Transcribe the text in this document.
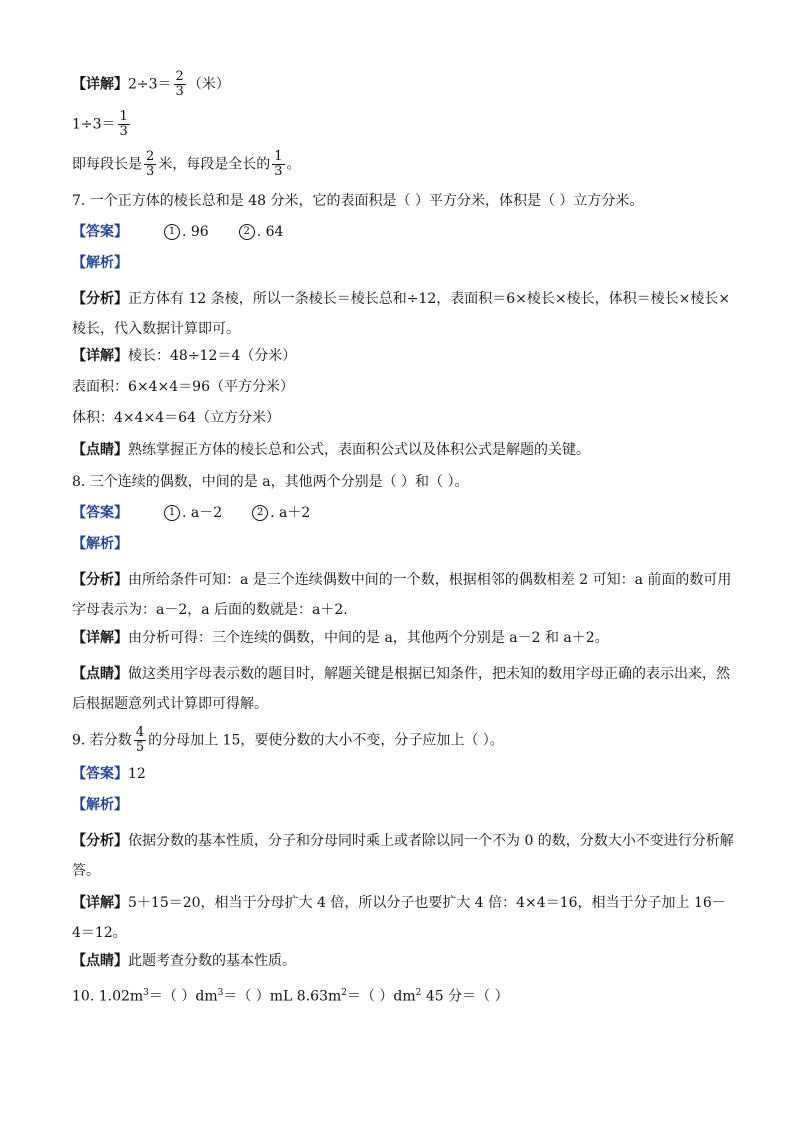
【详解】$2\div 3= \frac{2}{3}$ （米）
$1\div 3= \frac{1}{3}$
即每段长是 $\frac{2}{3}$ 米，每段是全长的 $\frac{1}{3}$ 。
7. 一个正方体的棱长总和是 48 分米，它的表面积是（ ）平方分米，体积是（ ）立方分米。
【答案】	1 . 96	2 . 64
【解析】
【分析】正方体有 12 条棱，所以一条棱长＝棱长总和÷12，表面积＝6×棱长×棱长，体积＝棱长×棱长×棱长，代入数据计算即可。
【详解】棱长：48÷12＝4（分米）
表面积：6×4×4＝96（平方分米）
体积：4×4×4＝64（立方分米）
【点睛】熟练掌握正方体的棱长总和公式，表面积公式以及体积公式是解题的关键。
8. 三个连续的偶数，中间的是 a，其他两个分别是（ ）和（ ）。
【答案】	1 . a－2	2 . a＋2
【解析】
【分析】由所给条件可知：a 是三个连续偶数中间的一个数，根据相邻的偶数相差 2 可知：a 前面的数可用字母表示为：a－2，a 后面的数就是：a＋2.
【详解】由分析可得：三个连续的偶数，中间的是 a，其他两个分别是 a－2 和 a＋2。
【点睛】做这类用字母表示数的题目时，解题关键是根据已知条件，把未知的数用字母正确的表示出来，然后根据题意列式计算即可得解。
9. 若分数 $\frac{4}{5}$ 的分母加上 15，要使分数的大小不变，分子应加上（ ）。
【答案】12
【解析】
【分析】依据分数的基本性质，分子和分母同时乘上或者除以同一个不为 0 的数，分数大小不变进行分析解答。
【详解】5＋15＝20，相当于分母扩大 4 倍，所以分子也要扩大 4 倍：4×4＝16，相当于分子加上 16－4＝12。
【点睛】此题考查分数的基本性质。
10. $1.02m^3=$（ ）$dm^3=$（ ）mL $8.63m^2=$（ ）$dm^2$ 45 分＝（ ）
